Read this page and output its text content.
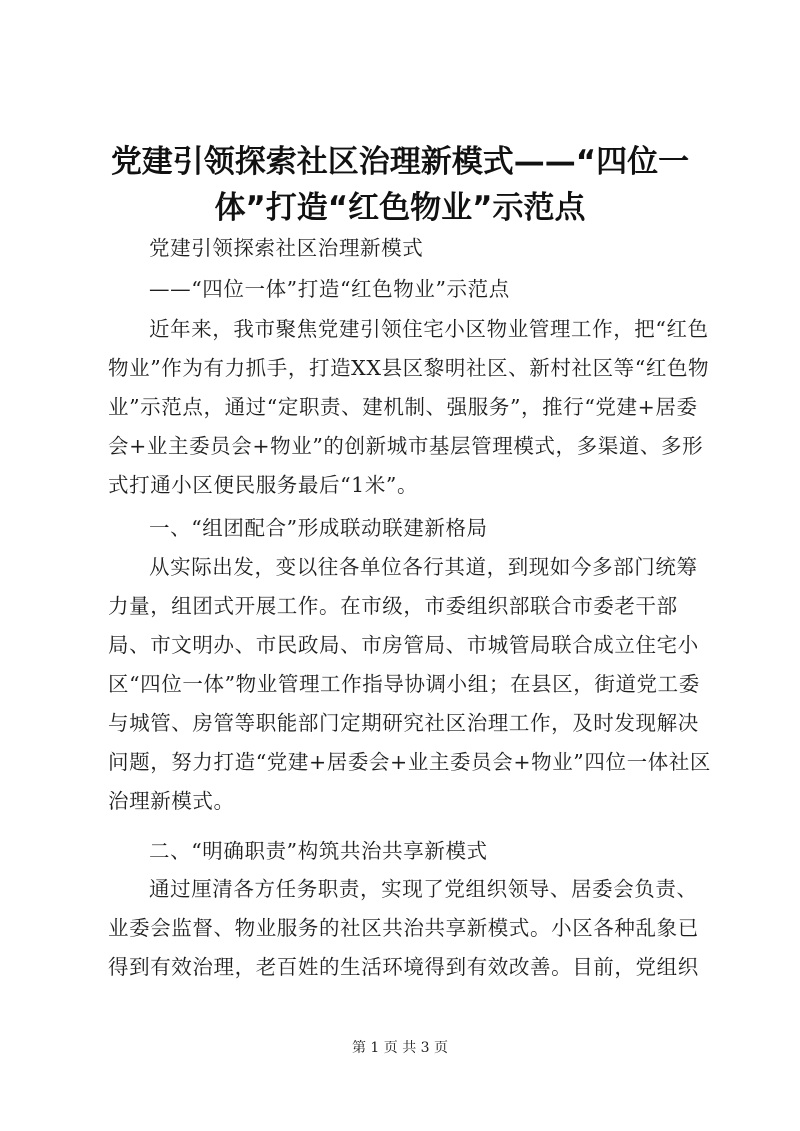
党建引领探索社区治理新模式——“四位一
体”打造“红色物业”示范点

党建引领探索社区治理新模式

——“四位一体”打造“红色物业”示范点

近年来，我市聚焦党建引领住宅小区物业管理工作，把“红色物业”作为有力抓手，打造XX县区黎明社区、新村社区等“红色物业”示范点，通过“定职责、建机制、强服务”，推行“党建+居委会+业主委员会+物业”的创新城市基层管理模式，多渠道、多形式打通小区便民服务最后“1米”。

一、“组团配合”形成联动联建新格局

从实际出发，变以往各单位各行其道，到现如今多部门统筹力量，组团式开展工作。在市级，市委组织部联合市委老干部局、市文明办、市民政局、市房管局、市城管局联合成立住宅小区“四位一体”物业管理工作指导协调小组；在县区，街道党工委与城管、房管等职能部门定期研究社区治理工作，及时发现解决问题，努力打造“党建+居委会+业主委员会+物业”四位一体社区治理新模式。

二、“明确职责”构筑共治共享新模式

通过厘清各方任务职责，实现了党组织领导、居委会负责、业委会监督、物业服务的社区共治共享新模式。小区各种乱象已得到有效治理，老百姓的生活环境得到有效改善。目前，党组织

第 1 页 共 3 页
